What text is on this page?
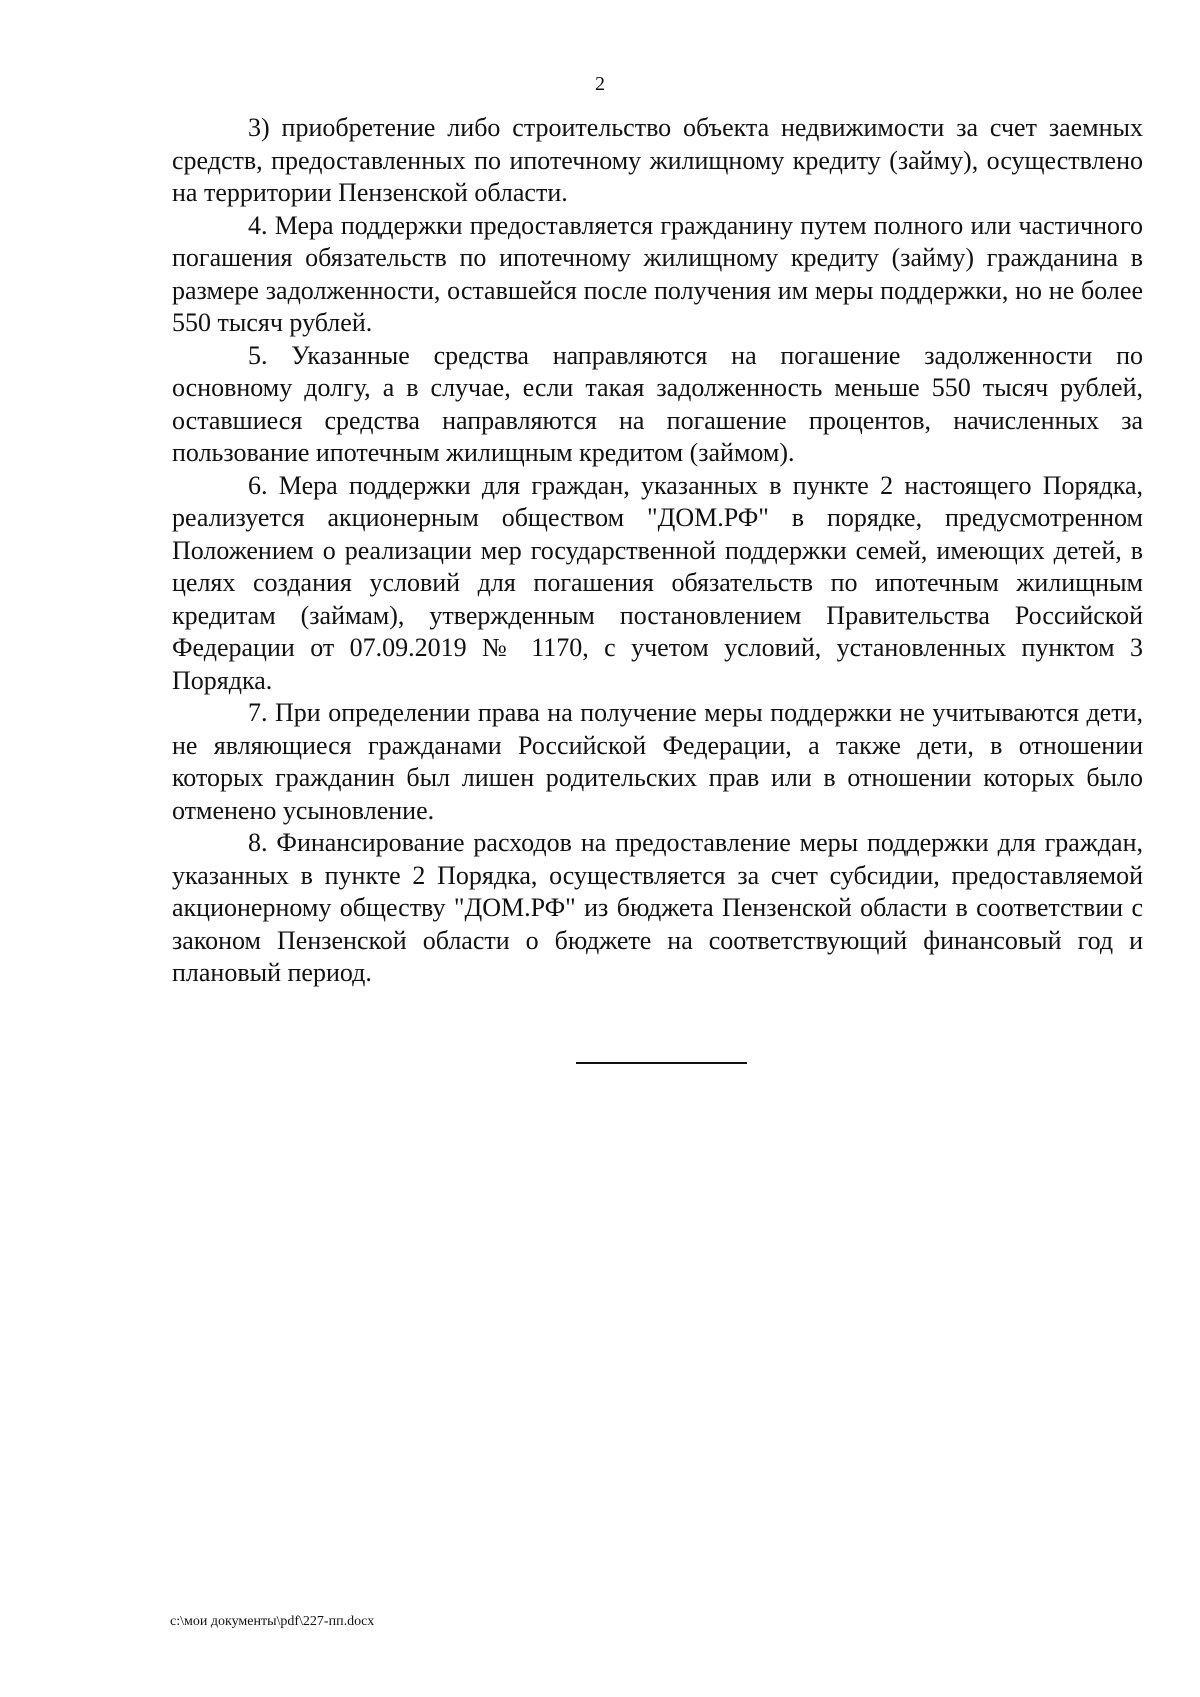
2

3) приобретение либо строительство объекта недвижимости за счет заемных средств, предоставленных по ипотечному жилищному кредиту (займу), осуществлено на территории Пензенской области.

4. Мера поддержки предоставляется гражданину путем полного или частичного погашения обязательств по ипотечному жилищному кредиту (займу) гражданина в размере задолженности, оставшейся после получения им меры поддержки, но не более 550 тысяч рублей.

5. Указанные средства направляются на погашение задолженности по основному долгу, а в случае, если такая задолженность меньше 550 тысяч рублей, оставшиеся средства направляются на погашение процентов, начисленных за пользование ипотечным жилищным кредитом (займом).

6. Мера поддержки для граждан, указанных в пункте 2 настоящего Порядка, реализуется акционерным обществом "ДОМ.РФ" в порядке, предусмотренном Положением о реализации мер государственной поддержки семей, имеющих детей, в целях создания условий для погашения обязательств по ипотечным жилищным кредитам (займам), утвержденным постановлением Правительства Российской Федерации от 07.09.2019 № 1170, с учетом условий, установленных пунктом 3 Порядка.

7. При определении права на получение меры поддержки не учитываются дети, не являющиеся гражданами Российской Федерации, а также дети, в отношении которых гражданин был лишен родительских прав или в отношении которых было отменено усыновление.

8. Финансирование расходов на предоставление меры поддержки для граждан, указанных в пункте 2 Порядка, осуществляется за счет субсидии, предоставляемой акционерному обществу "ДОМ.РФ" из бюджета Пензенской области в соответствии с законом Пензенской области о бюджете на соответствующий финансовый год и плановый период.

c:\мои документы\pdf\227-пп.docx
